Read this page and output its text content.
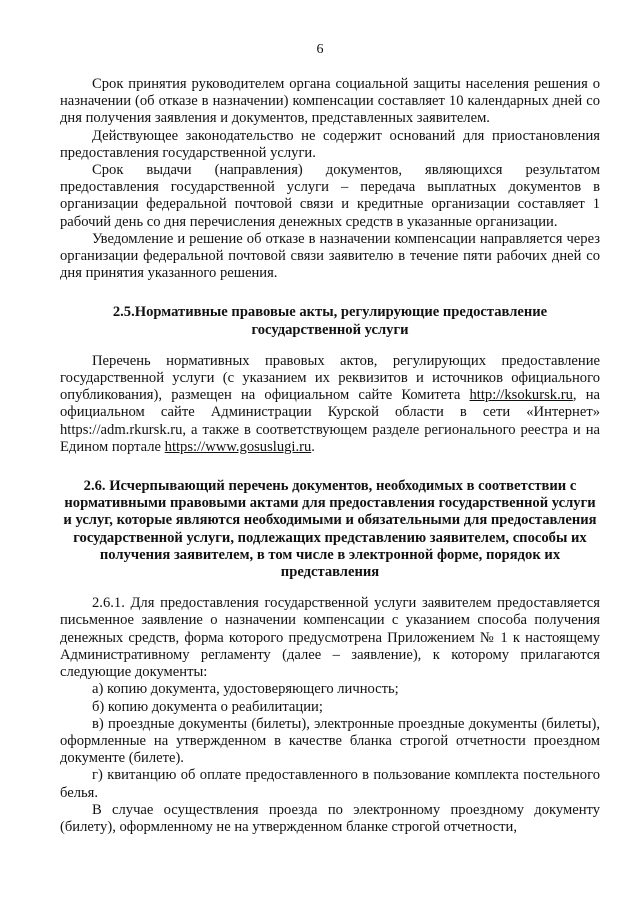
6

Срок принятия руководителем органа социальной защиты населения решения о назначении (об отказе в назначении) компенсации составляет 10 календарных дней со дня получения заявления и документов, представленных заявителем.

Действующее законодательство не содержит оснований для приостановления предоставления государственной услуги.

Срок выдачи (направления) документов, являющихся результатом предоставления государственной услуги – передача выплатных документов в организации федеральной почтовой связи и кредитные организации составляет 1 рабочий день со дня перечисления денежных средств в указанные организации.

Уведомление и решение об отказе в назначении компенсации направляется через организации федеральной почтовой связи заявителю в течение пяти рабочих дней со дня принятия указанного решения.

2.5.Нормативные правовые акты, регулирующие предоставление государственной услуги

Перечень нормативных правовых актов, регулирующих предоставление государственной услуги (с указанием их реквизитов и источников официального опубликования), размещен на официальном сайте Комитета http://ksokursk.ru, на официальном сайте Администрации Курской области в сети «Интернет» https://adm.rkursk.ru, а также в соответствующем разделе регионального реестра и на Едином портале https://www.gosuslugi.ru.

2.6. Исчерпывающий перечень документов, необходимых в соответствии с нормативными правовыми актами для предоставления государственной услуги и услуг, которые являются необходимыми и обязательными для предоставления государственной услуги, подлежащих представлению заявителем, способы их получения заявителем, в том числе в электронной форме, порядок их представления

2.6.1. Для предоставления государственной услуги заявителем предоставляется письменное заявление о назначении компенсации с указанием способа получения денежных средств, форма которого предусмотрена Приложением № 1 к настоящему Административному регламенту (далее – заявление), к которому прилагаются следующие документы:

а) копию документа, удостоверяющего личность;

б) копию документа о реабилитации;

в) проездные документы (билеты), электронные проездные документы (билеты), оформленные на утвержденном в качестве бланка строгой отчетности проездном документе (билете).

г) квитанцию об оплате предоставленного в пользование комплекта постельного белья.

В случае осуществления проезда по электронному проездному документу (билету), оформленному не на утвержденном бланке строгой отчетности,
